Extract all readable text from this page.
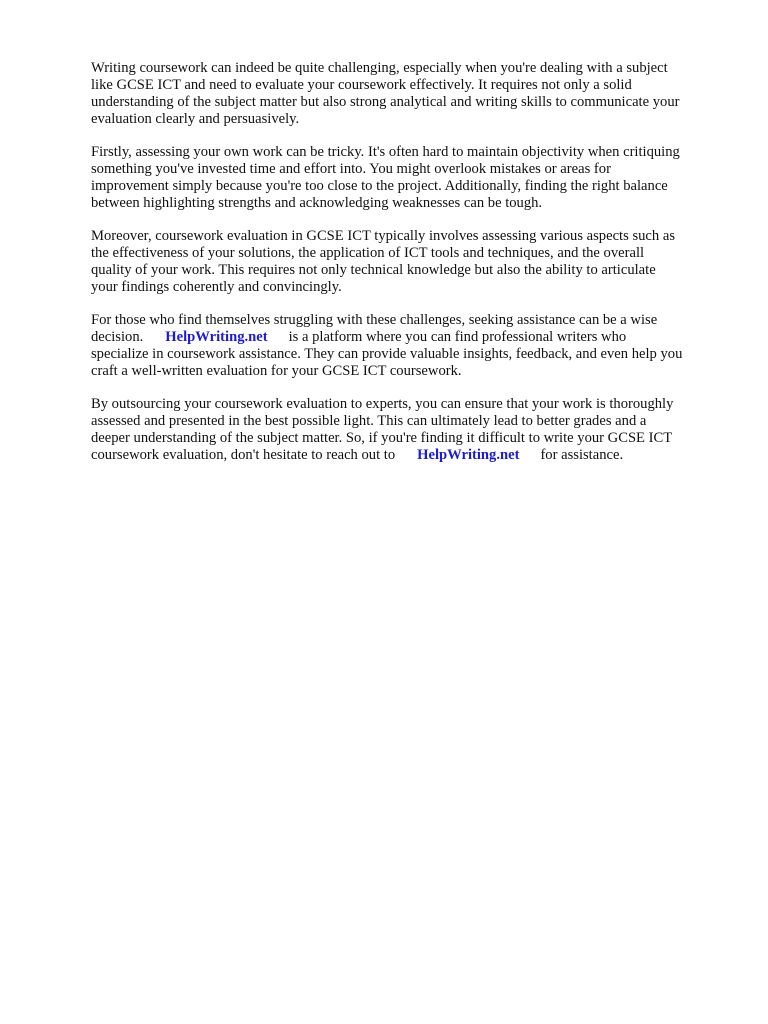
Writing coursework can indeed be quite challenging, especially when you're dealing with a subject
like GCSE ICT and need to evaluate your coursework effectively. It requires not only a solid
understanding of the subject matter but also strong analytical and writing skills to communicate your
evaluation clearly and persuasively.

Firstly, assessing your own work can be tricky. It's often hard to maintain objectivity when critiquing
something you've invested time and effort into. You might overlook mistakes or areas for
improvement simply because you're too close to the project. Additionally, finding the right balance
between highlighting strengths and acknowledging weaknesses can be tough.

Moreover, coursework evaluation in GCSE ICT typically involves assessing various aspects such as
the effectiveness of your solutions, the application of ICT tools and techniques, and the overall
quality of your work. This requires not only technical knowledge but also the ability to articulate
your findings coherently and convincingly.

For those who find themselves struggling with these challenges, seeking assistance can be a wise
decision. HelpWriting.net is a platform where you can find professional writers who
specialize in coursework assistance. They can provide valuable insights, feedback, and even help you
craft a well-written evaluation for your GCSE ICT coursework.

By outsourcing your coursework evaluation to experts, you can ensure that your work is thoroughly
assessed and presented in the best possible light. This can ultimately lead to better grades and a
deeper understanding of the subject matter. So, if you're finding it difficult to write your GCSE ICT
coursework evaluation, don't hesitate to reach out to HelpWriting.net for assistance.
